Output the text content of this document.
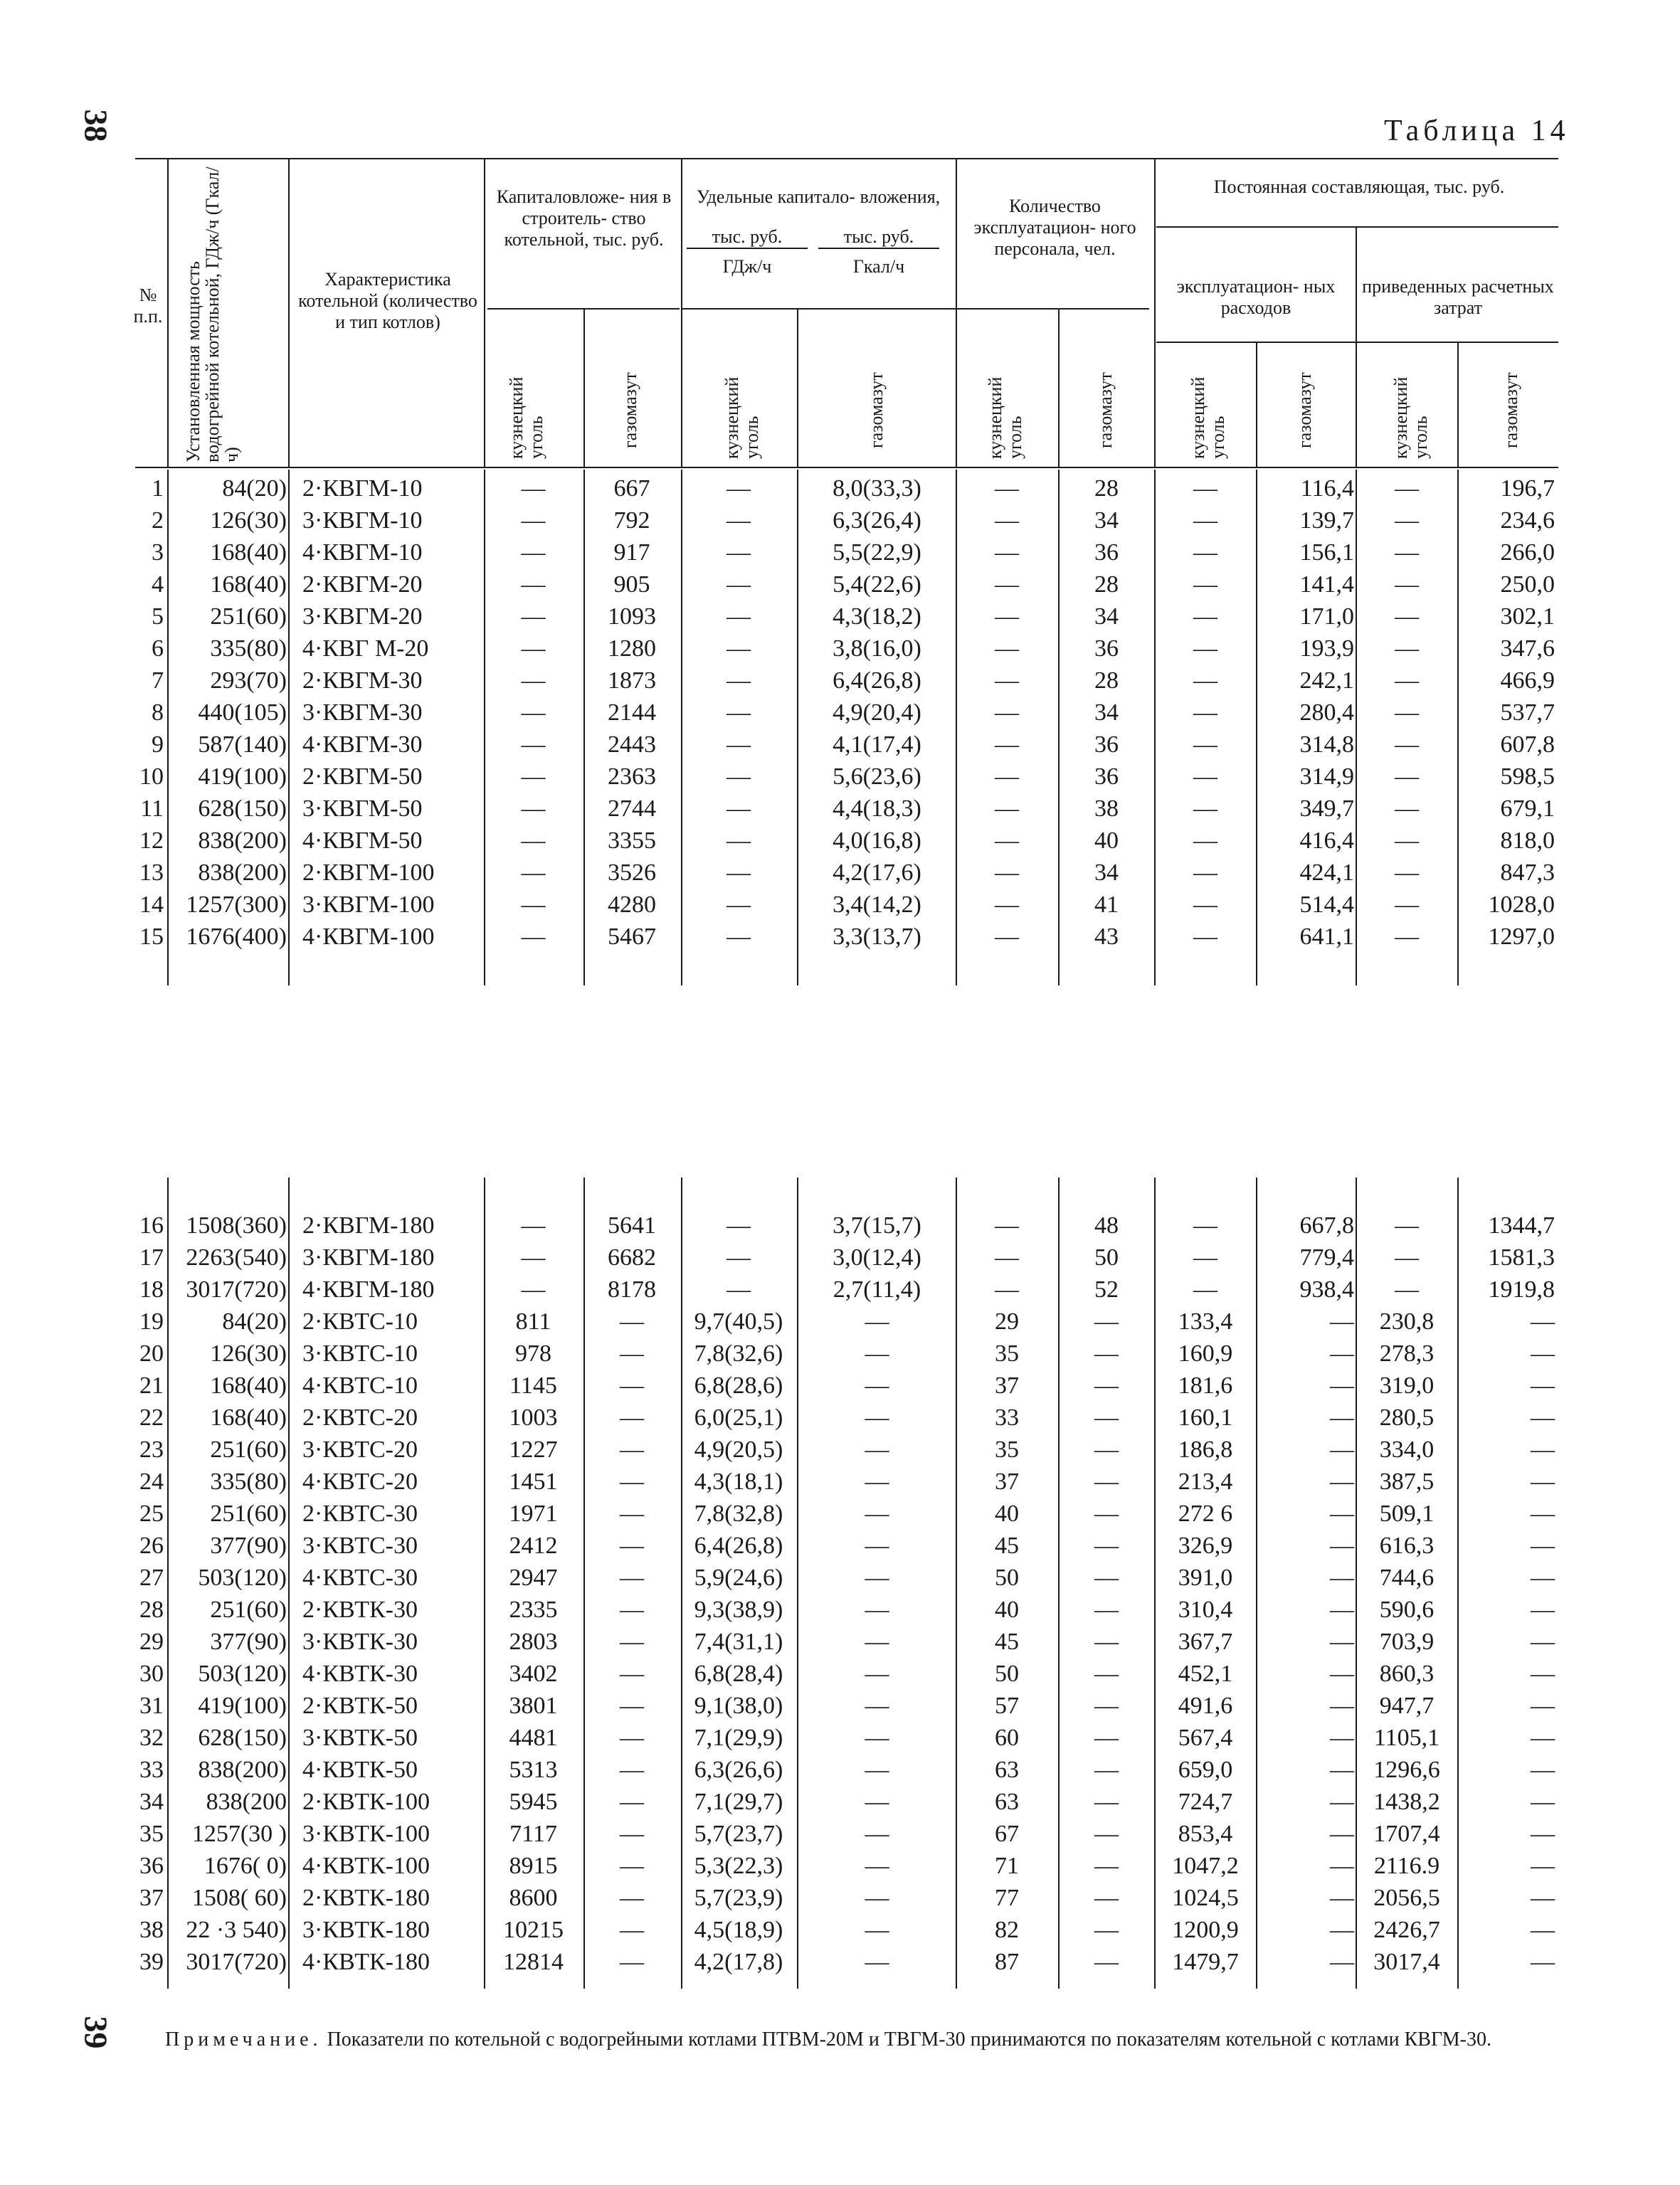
38	Таблица 14
№ п.п.	Установленная мощность водогрейной котельной, ГДж/ч (Гкал/ч)
Характеристика котельной (количество и тип котлов)
Капиталовложе- ния в строитель- ство котельной, тыс. руб.
Удельные капитало- вложения,
тыс. руб.
ГДж/ч
тыс. руб.
Гкал/ч
Количество эксплуатацион- ного персонала, чел.
Постоянная составляющая, тыс. руб.
эксплуатацион- ных расходов
приведенных расчетных затрат
кузнецкий уголь	газомазут	кузнецкий уголь	газомазут	кузнецкий уголь	газомазут	кузнецкий уголь	газомазут	кузнецкий уголь	газомазут
1	84(20) 2·КВГМ-10	—	667	—	8,0(33,3)	—	28	—	116,4	—	196,7
2	126(30) 3·КВГМ-10	—	792	—	6,3(26,4)	—	34	—	139,7	—	234,6
3	168(40) 4·КВГМ-10	—	917	—	5,5(22,9)	—	36	—	156,1	—	266,0
4	168(40) 2·КВГМ-20	—	905	—	5,4(22,6)	—	28	—	141,4	—	250,0
5	251(60) 3·КВГМ-20	—	1093	—	4,3(18,2)	—	34	—	171,0	—	302,1
6	335(80) 4·КВГ М-20	—	1280	—	3,8(16,0)	—	36	—	193,9	—	347,6
7	293(70) 2·КВГМ-30	—	1873	—	6,4(26,8)	—	28	—	242,1	—	466,9
8	440(105) 3·КВГМ-30	—	2144	—	4,9(20,4)	—	34	—	280,4	—	537,7
9	587(140) 4·КВГМ-30	—	2443	—	4,1(17,4)	—	36	—	314,8	—	607,8
10	419(100) 2·КВГМ-50	—	2363	—	5,6(23,6)	—	36	—	314,9	—	598,5
11	628(150) 3·КВГМ-50	—	2744	—	4,4(18,3)	—	38	—	349,7	—	679,1
12	838(200) 4·КВГМ-50	—	3355	—	4,0(16,8)	—	40	—	416,4	—	818,0
13	838(200) 2·КВГМ-100	—	3526	—	4,2(17,6)	—	34	—	424,1	—	847,3
14 1257(300) 3·КВГМ-100	—	4280	—	3,4(14,2)	—	41	—	514,4	—	1028,0
15 1676(400) 4·КВГМ-100	—	5467	—	3,3(13,7)	—	43	—	641,1	—	1297,0
16 1508(360) 2·КВГМ-180	—	5641	—	3,7(15,7)	—	48	—	667,8	—	1344,7
17 2263(540) 3·КВГМ-180	—	6682	—	3,0(12,4)	—	50	—	779,4	—	1581,3
18 3017(720) 4·КВГМ-180	—	8178	—	2,7(11,4)	—	52	—	938,4	—	1919,8
19	84(20) 2·КВТС-10	811	—	9,7(40,5)	—	29	—	133,4	—	230,8	—
20	126(30) 3·КВТС-10	978	—	7,8(32,6)	—	35	—	160,9	—	278,3	—
21	168(40) 4·КВТС-10	1145	—	6,8(28,6)	—	37	—	181,6	—	319,0	—
22	168(40) 2·КВТС-20	1003	—	6,0(25,1)	—	33	—	160,1	—	280,5	—
23	251(60) 3·КВТС-20	1227	—	4,9(20,5)	—	35	—	186,8	—	334,0	—
24	335(80) 4·КВТС-20	1451	—	4,3(18,1)	—	37	—	213,4	—	387,5	—
25	251(60) 2·КВТС-30	1971	—	7,8(32,8)	—	40	—	272 6	—	509,1	—
26	377(90) 3·КВТС-30	2412	—	6,4(26,8)	—	45	—	326,9	—	616,3	—
27	503(120) 4·КВТС-30	2947	—	5,9(24,6)	—	50	—	391,0	—	744,6	—
28	251(60) 2·КВТК-30	2335	—	9,3(38,9)	—	40	—	310,4	—	590,6	—
29	377(90) 3·КВТК-30	2803	—	7,4(31,1)	—	45	—	367,7	—	703,9	—
30	503(120) 4·КВТК-30	3402	—	6,8(28,4)	—	50	—	452,1	—	860,3	—
31	419(100) 2·КВТК-50	3801	—	9,1(38,0)	—	57	—	491,6	—	947,7	—
32	628(150) 3·КВТК-50	4481	—	7,1(29,9)	—	60	—	567,4	— 1105,1	—
33	838(200) 4·КВТК-50	5313	—	6,3(26,6)	—	63	—	659,0	— 1296,6	—
34	838(200 2·КВТК-100	5945	—	7,1(29,7)	—	63	—	724,7	— 1438,2	—
35	1257(30 ) 3·КВТК-100	7117	—	5,7(23,7)	—	67	—	853,4	— 1707,4	—
36	1676( 0) 4·КВТК-100	8915	—	5,3(22,3)	—	71	—	1047,2	— 2116.9	—
37	1508( 60) 2·КВТК-180	8600	—	5,7(23,9)	—	77	—	1024,5	— 2056,5	—
38 22 ·3 540) 3·КВТК-180	10215	—	4,5(18,9)	—	82	—	1200,9	— 2426,7	—
39 3017(720) 4·КВТК-180	12814	—	4,2(17,8)	—	87	—	1479,7	— 3017,4	—
Примечание. Показатели по котельной с водогрейными котлами ПТВМ-20М и ТВГМ-30 принимаются по показателям котельной с котлами КВГМ-30.
39
